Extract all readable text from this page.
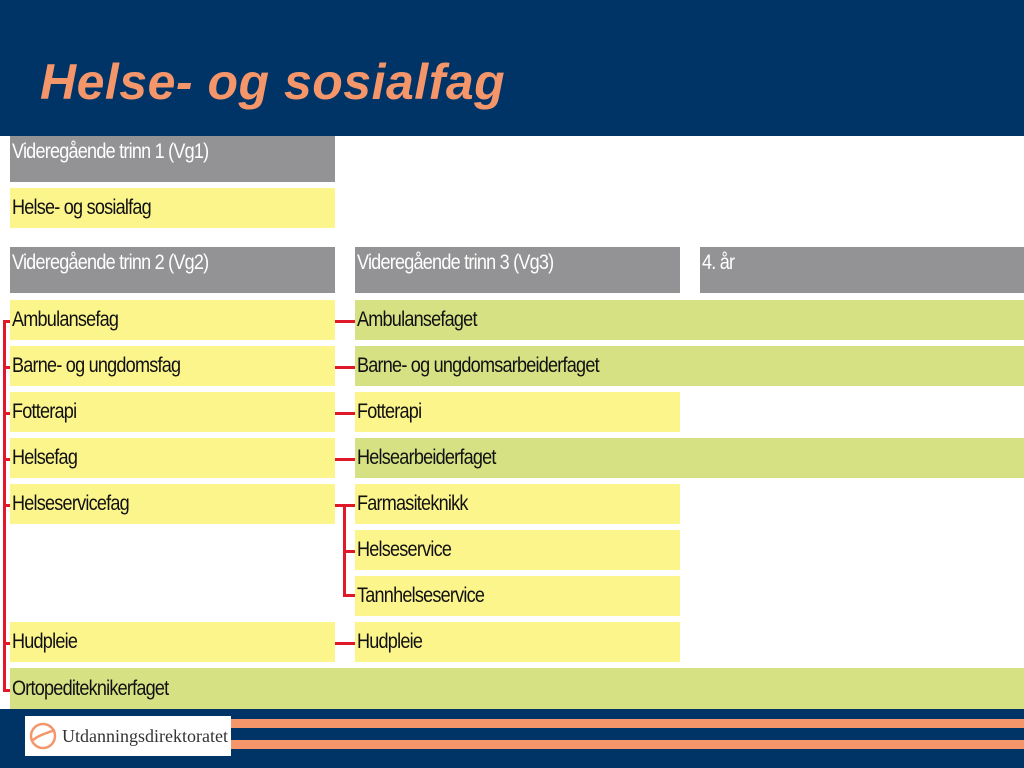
Helse- og sosialfag
Videregående trinn 1 (Vg1)
Helse- og sosialfag
Videregående trinn 2 (Vg2)	Videregående trinn 3 (Vg3)	4. år
Ambulansefag
Barne- og ungdomsfag
Fotterapi
Helsefag
Helseservicefag
Hudpleie
Ortopediteknikerfaget
Ambulansefaget
Barne- og ungdomsarbeiderfaget
Fotterapi
Helsearbeiderfaget
Farmasiteknikk
Helseservice
Tannhelseservice
Hudpleie
Utdanningsdirektoratet
